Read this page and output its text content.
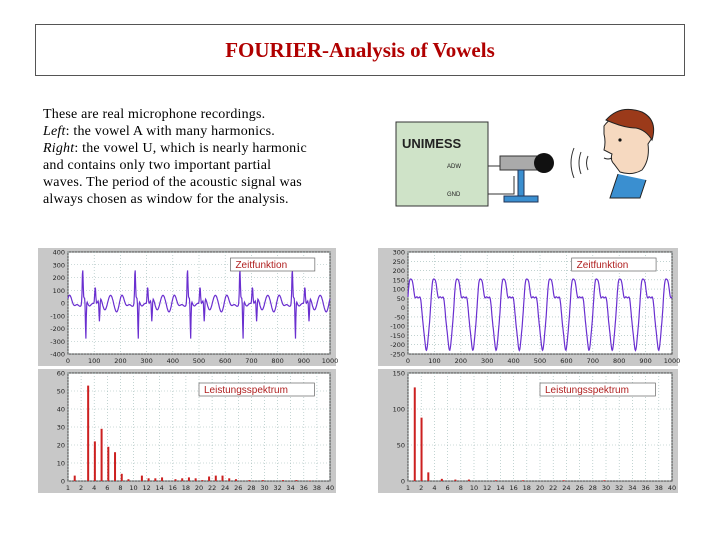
FOURIER-Analysis of Vowels
These are real microphone recordings.
Left: the vowel A with many harmonics.
Right: the vowel U, which is nearly harmonic
and contains only two important partial
waves. The period of the acoustic signal was
always chosen as window for the analysis.
UNIMESS
ADW
GND
0	100 200 300 400 500 600 700 800 900 1000
400
300
200
100
0
-100
-200
-300
-400
Zeitfunktion
1 2 4 6 8 10 12 14 16 18 20 22 24 26 28 30 32 34 36 38 40
60
50
40
30
20
10
0
Leistungsspektrum
0	100 200 300 400 500 600 700 800 900 1000
300
250
200
150
100
50
0
-50
-100
-150
-200
-250
Zeitfunktion
1 2 4 6 8 10 12 14 16 18 20 22 24 26 28 30 32 34 36 38 40
150
100
50
0
Leistungsspektrum
